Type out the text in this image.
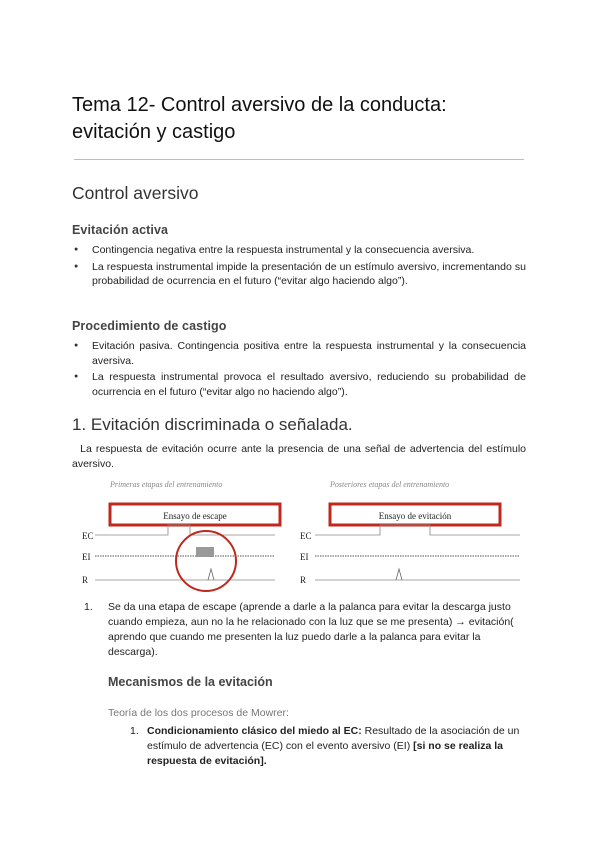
Tema 12- Control aversivo de la conducta:
evitación y castigo
Control aversivo
Evitación activa
● Contingencia negativa entre la respuesta instrumental y la consecuencia aversiva.
● La respuesta instrumental impide la presentación de un estímulo aversivo, incrementando su probabilidad de ocurrencia en el futuro (“evitar algo haciendo algo”).
Procedimiento de castigo
● Evitación pasiva. Contingencia positiva entre la respuesta instrumental y la consecuencia aversiva.
● La respuesta instrumental provoca el resultado aversivo, reduciendo su probabilidad de ocurrencia en el futuro (“evitar algo no haciendo algo”).
1. Evitación discriminada o señalada.
La respuesta de evitación ocurre ante la presencia de una señal de advertencia del estímulo aversivo.
Primeras etapas del entrenamiento	Posteriores etapas del entrenamiento
Ensayo de escape
EC
EI
R
Ensayo de evitación
EC
EI
R
1. Se da una etapa de escape (aprende a darle a la palanca para evitar la descarga justo cuando empieza, aun no la he relacionado con la luz que se me presenta) → evitación( aprendo que cuando me presenten la luz puedo darle a la palanca para evitar la descarga).
Mecanismos de la evitación
Teoría de los dos procesos de Mowrer:
1. Condicionamiento clásico del miedo al EC: Resultado de la asociación de un estímulo de advertencia (EC) con el evento aversivo (EI) [si no se realiza la respuesta de evitación].
